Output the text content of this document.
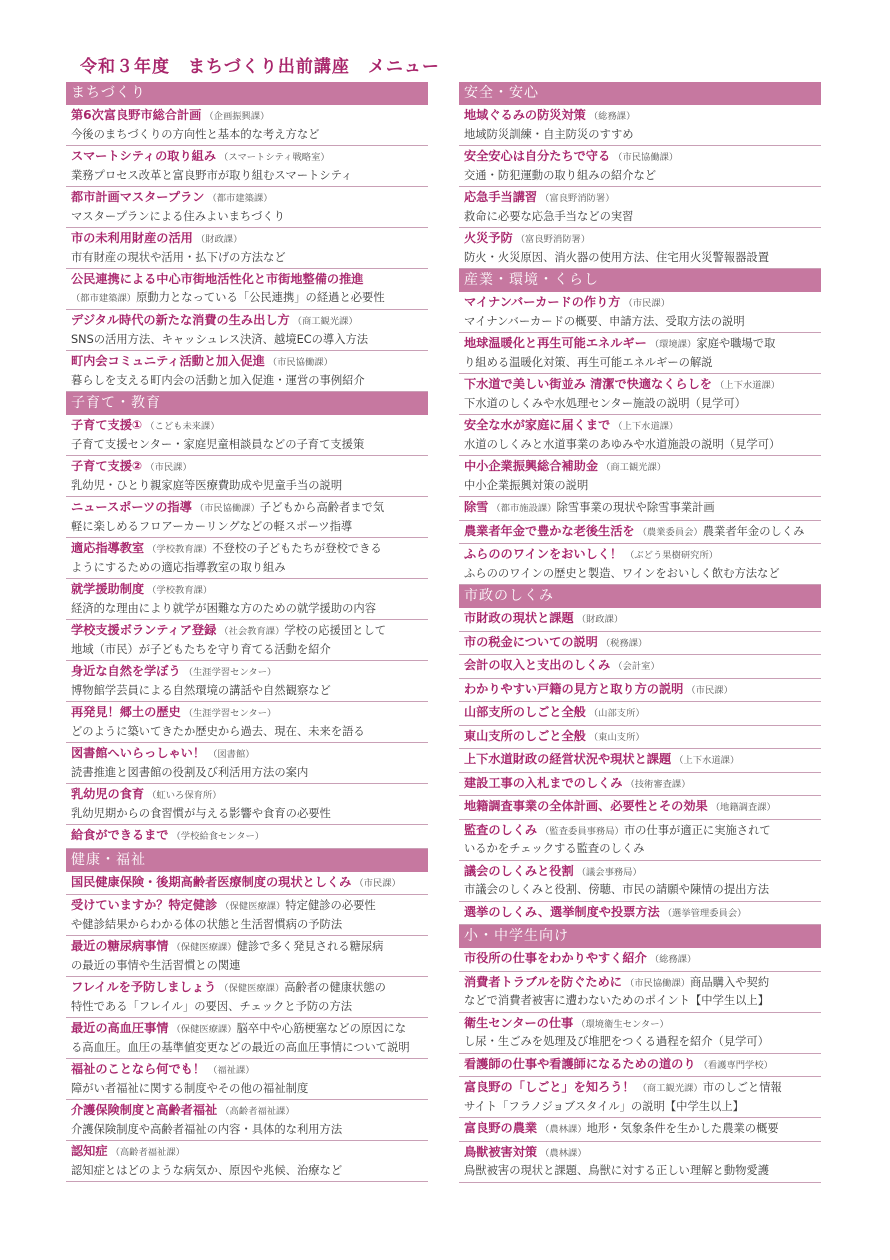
令和３年度　まちづくり出前講座　メニュー
まちづくり
第6次富良野市総合計画 （企画振興課）
今後のまちづくりの方向性と基本的な考え方など
スマートシティの取り組み （スマートシティ戦略室）
業務プロセス改革と富良野市が取り組むスマートシティ
都市計画マスタープラン （都市建築課）
マスタープランによる住みよいまちづくり
市の未利用財産の活用 （財政課）
市有財産の現状や活用・払下げの方法など
公民連携による中心市街地活性化と市街地整備の推進
（都市建築課）原動力となっている「公民連携」の経過と必要性
デジタル時代の新たな消費の生み出し方 （商工観光課）
SNSの活用方法、キャッシュレス決済、越境ECの導入方法
町内会コミュニティ活動と加入促進 （市民協働課）
暮らしを支える町内会の活動と加入促進・運営の事例紹介
子育て・教育
子育て支援① （こども未来課）
子育て支援センター・家庭児童相談員などの子育て支援策
子育て支援② （市民課）
乳幼児・ひとり親家庭等医療費助成や児童手当の説明
ニュースポーツの指導 （市民協働課）子どもから高齢者まで気
軽に楽しめるフロアーカーリングなどの軽スポーツ指導
適応指導教室 （学校教育課）不登校の子どもたちが登校できる
ようにするための適応指導教室の取り組み
就学援助制度 （学校教育課）
経済的な理由により就学が困難な方のための就学援助の内容
学校支援ボランティア登録 （社会教育課）学校の応援団として
地域（市民）が子どもたちを守り育てる活動を紹介
身近な自然を学ぼう （生涯学習センター）
博物館学芸員による自然環境の講話や自然観察など
再発見！郷土の歴史 （生涯学習センター）
どのように築いてきたか歴史から過去、現在、未来を語る
図書館へいらっしゃい！ （図書館）
読書推進と図書館の役割及び利活用方法の案内
乳幼児の食育 （虹いろ保育所）
乳幼児期からの食習慣が与える影響や食育の必要性
給食ができるまで （学校給食センター）
健康・福祉
国民健康保険・後期高齢者医療制度の現状としくみ （市民課）
受けていますか？特定健診 （保健医療課）特定健診の必要性
や健診結果からわかる体の状態と生活習慣病の予防法
最近の糖尿病事情 （保健医療課）健診で多く発見される糖尿病
の最近の事情や生活習慣との関連
フレイルを予防しましょう （保健医療課）高齢者の健康状態の
特性である「フレイル」の要因、チェックと予防の方法
最近の高血圧事情 （保健医療課）脳卒中や心筋梗塞などの原因にな
る高血圧。血圧の基準値変更などの最近の高血圧事情について説明
福祉のことなら何でも！ （福祉課）
障がい者福祉に関する制度やその他の福祉制度
介護保険制度と高齢者福祉 （高齢者福祉課）
介護保険制度や高齢者福祉の内容・具体的な利用方法
認知症 （高齢者福祉課）
認知症とはどのような病気か、原因や兆候、治療など
安全・安心
地域ぐるみの防災対策 （総務課）
地域防災訓練・自主防災のすすめ
安全安心は自分たちで守る （市民協働課）
交通・防犯運動の取り組みの紹介など
応急手当講習 （富良野消防署）
救命に必要な応急手当などの実習
火災予防 （富良野消防署）
防火・火災原因、消火器の使用方法、住宅用火災警報器設置
産業・環境・くらし
マイナンバーカードの作り方 （市民課）
マイナンバーカードの概要、申請方法、受取方法の説明
地球温暖化と再生可能エネルギー （環境課）家庭や職場で取
り組める温暖化対策、再生可能エネルギーの解説
下水道で美しい街並み 清潔で快適なくらしを （上下水道課）
下水道のしくみや水処理センター施設の説明（見学可）
安全な水が家庭に届くまで （上下水道課）
水道のしくみと水道事業のあゆみや水道施設の説明（見学可）
中小企業振興総合補助金 （商工観光課）
中小企業振興対策の説明
除雪 （都市施設課）除雪事業の現状や除雪事業計画
農業者年金で豊かな老後生活を （農業委員会）農業者年金のしくみ
ふらののワインをおいしく！ （ぶどう果樹研究所）
ふらののワインの歴史と製造、ワインをおいしく飲む方法など
市政のしくみ
市財政の現状と課題 （財政課）
市の税金についての説明 （税務課）
会計の収入と支出のしくみ （会計室）
わかりやすい戸籍の見方と取り方の説明 （市民課）
山部支所のしごと全般 （山部支所）
東山支所のしごと全般 （東山支所）
上下水道財政の経営状況や現状と課題 （上下水道課）
建設工事の入札までのしくみ （技術審査課）
地籍調査事業の全体計画、必要性とその効果 （地籍調査課）
監査のしくみ （監査委員事務局）市の仕事が適正に実施されて
いるかをチェックする監査のしくみ
議会のしくみと役割 （議会事務局）
市議会のしくみと役割、傍聴、市民の請願や陳情の提出方法
選挙のしくみ、選挙制度や投票方法 （選挙管理委員会）
小・中学生向け
市役所の仕事をわかりやすく紹介 （総務課）
消費者トラブルを防ぐために （市民協働課）商品購入や契約
などで消費者被害に遭わないためのポイント【中学生以上】
衛生センターの仕事 （環境衛生センター）
し尿・生ごみを処理及び堆肥をつくる過程を紹介（見学可）
看護師の仕事や看護師になるための道のり （看護専門学校）
富良野の「しごと」を知ろう！ （商工観光課）市のしごと情報
サイト「フラノジョブスタイル」の説明【中学生以上】
富良野の農業 （農林課）地形・気象条件を生かした農業の概要
鳥獣被害対策 （農林課）
鳥獣被害の現状と課題、鳥獣に対する正しい理解と動物愛護
